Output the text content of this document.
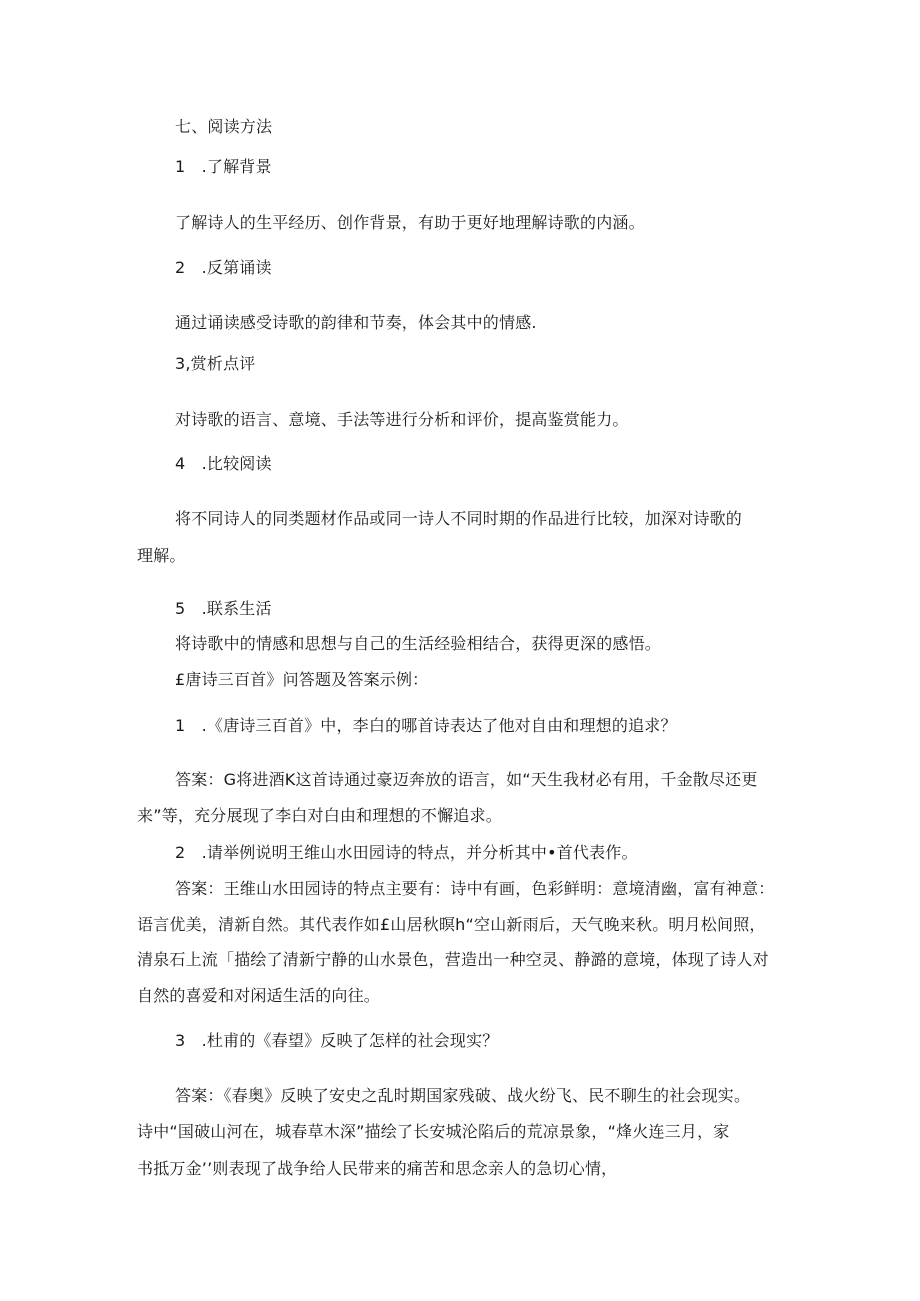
七、阅读方法
1　.了解背景
了解诗人的生平经历、创作背景，有助于更好地理解诗歌的内涵。
2　.反第诵读
通过诵读感受诗歌的韵律和节奏，体会其中的情感.
3,赏析点评
对诗歌的语言、意境、手法等进行分析和评价，提高鉴赏能力。
4　.比较阅读
将不同诗人的同类题材作品或同一诗人不同时期的作品进行比较，加深对诗歌的
理解。
5　.联系生活
将诗歌中的情感和思想与自己的生活经验相结合，获得更深的感悟。
£唐诗三百首》问答题及答案示例：
1　.《唐诗三百首》中，李白的哪首诗表达了他对自由和理想的追求？
答案：G将进酒K这首诗通过豪迈奔放的语言，如“天生我材必有用，千金散尽还更
来”等，充分展现了李白对白由和理想的不懈追求。
2　.请举例说明王维山水田园诗的特点，并分析其中•首代表作。
答案：王维山水田园诗的特点主要有：诗中有画，色彩鲜明：意境清幽，富有神意：
语言优美，清新自然。其代表作如£山居秋暝h“空山新雨后，天气晚来秋。明月松间照，
清泉石上流「描绘了清新宁静的山水景色，营造出一种空灵、静潞的意境，体现了诗人对
自然的喜爱和对闲适生活的向往。
3　.杜甫的《春望》反映了怎样的社会现实？
答案：《春奥》反映了安史之乱时期国家残破、战火纷飞、民不聊生的社会现实。
诗中“国破山河在，城春草木深”描绘了长安城沦陷后的荒凉景象，“烽火连三月，家
书抵万金’’则表现了战争给人民带来的痛苦和思念亲人的急切心情，
